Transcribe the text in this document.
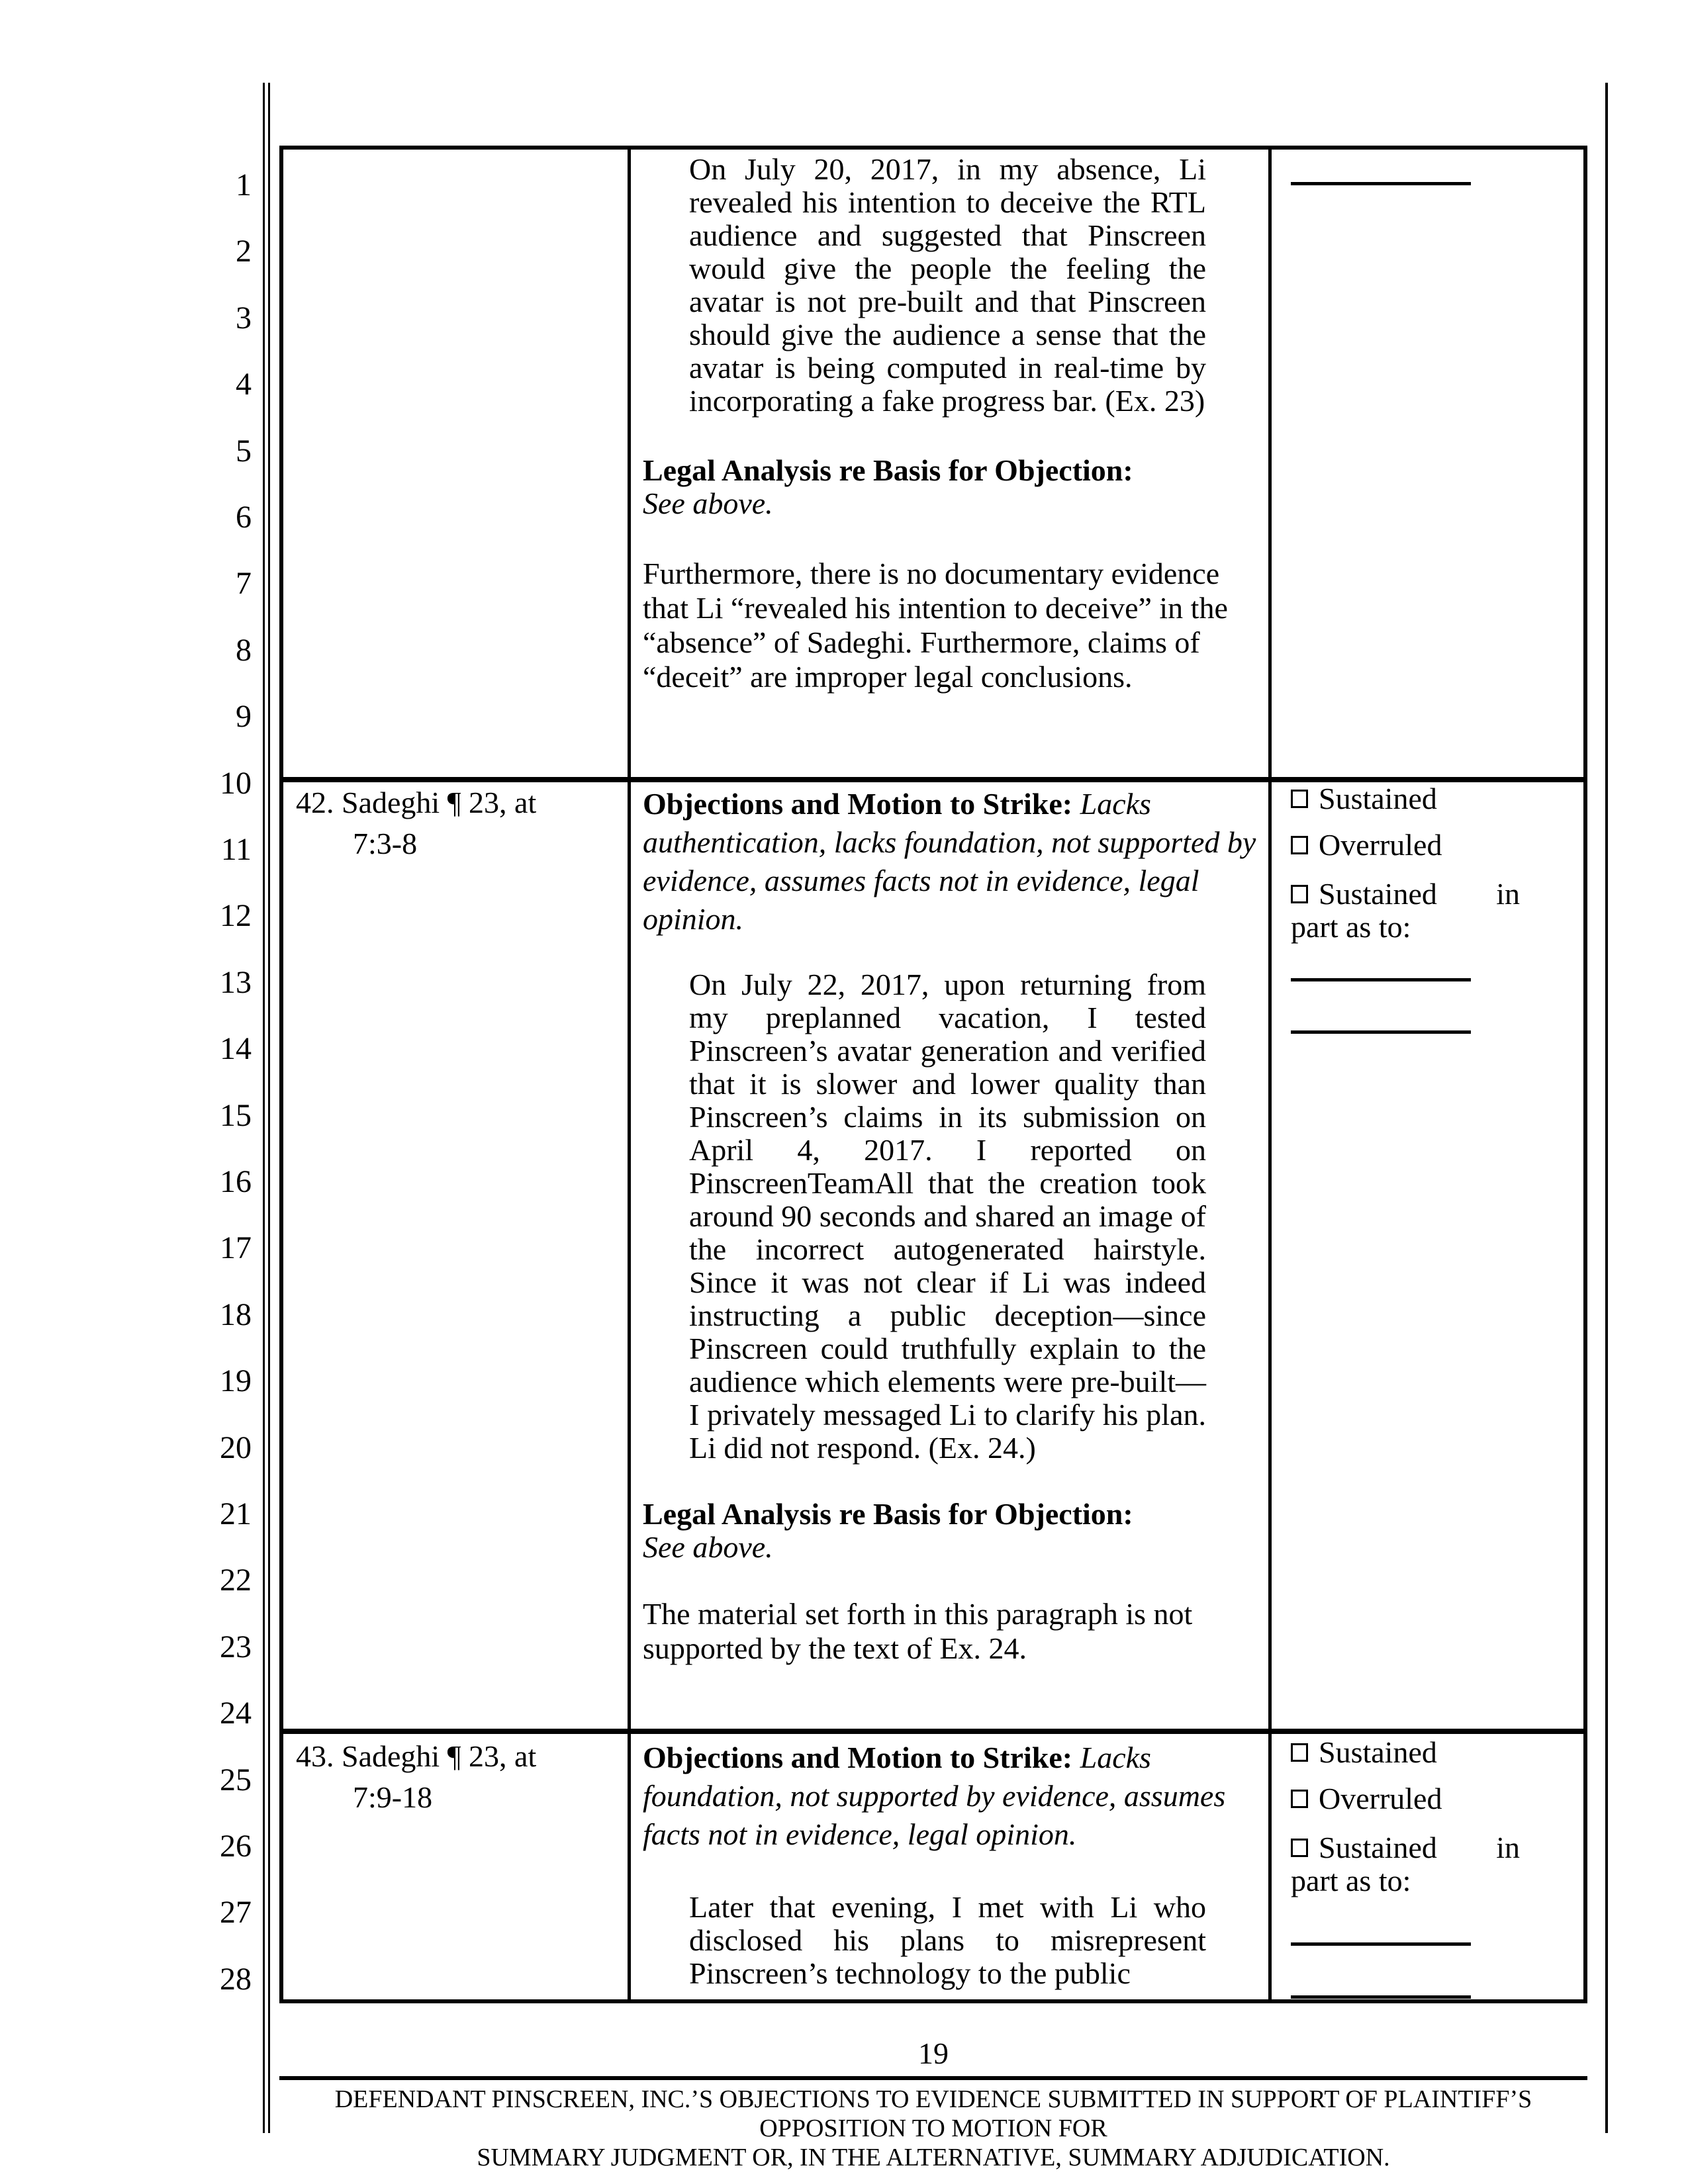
1
2
3
4
5
6
7
8
9
10
11
12
13
14
15
16
17
18
19
20
21
22
23
24
25
26
27
28
On July 20, 2017, in my absence, Li revealed his intention to deceive the RTL audience and suggested that Pinscreen would give the people the feeling the avatar is not pre-built and that Pinscreen should give the audience a sense that the avatar is being computed in real-time by incorporating a fake progress bar. (Ex. 23)
Legal Analysis re Basis for Objection:
See above.
Furthermore, there is no documentary evidence that Li “revealed his intention to deceive” in the “absence” of Sadeghi. Furthermore, claims of “deceit” are improper legal conclusions.
42. Sadeghi ¶ 23, at
7:3-8
Objections and Motion to Strike: Lacks authentication, lacks foundation, not supported by evidence, assumes facts not in evidence, legal opinion.
On July 22, 2017, upon returning from my preplanned vacation, I tested Pinscreen’s avatar generation and verified that it is slower and lower quality than Pinscreen’s claims in its submission on April 4, 2017. I reported on PinscreenTeamAll that the creation took around 90 seconds and shared an image of the incorrect autogenerated hairstyle. Since it was not clear if Li was indeed instructing a public deception—since Pinscreen could truthfully explain to the audience which elements were pre-built—I privately messaged Li to clarify his plan. Li did not respond. (Ex. 24.)
Legal Analysis re Basis for Objection:
See above.
The material set forth in this paragraph is not supported by the text of Ex. 24.
Sustained
Overruled
Sustained in part as to:
43. Sadeghi ¶ 23, at
7:9-18
Objections and Motion to Strike: Lacks foundation, not supported by evidence, assumes facts not in evidence, legal opinion.
Later that evening, I met with Li who disclosed his plans to misrepresent Pinscreen’s technology to the public
Sustained
Overruled
Sustained in part as to:
19
DEFENDANT PINSCREEN, INC.’S OBJECTIONS TO EVIDENCE SUBMITTED IN SUPPORT OF PLAINTIFF’S OPPOSITION TO MOTION FOR
SUMMARY JUDGMENT OR, IN THE ALTERNATIVE, SUMMARY ADJUDICATION.
